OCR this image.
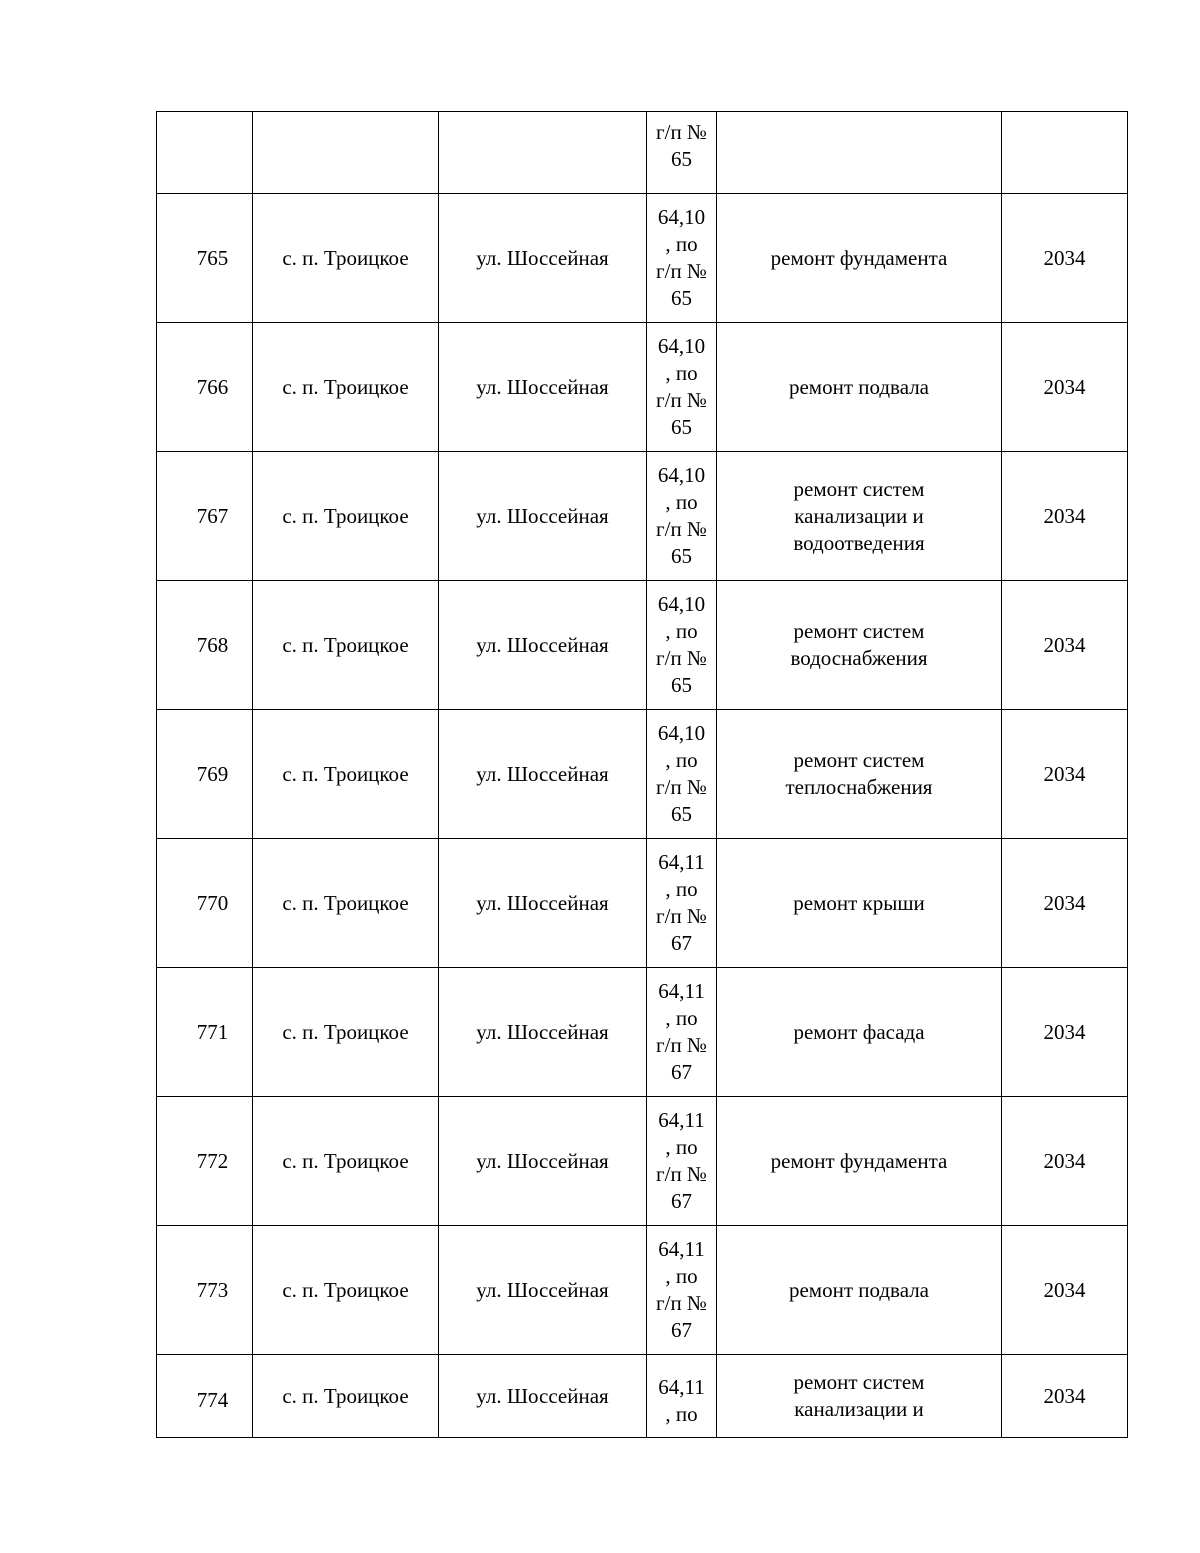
			г/п №
65		

765	с. п. Троицкое	ул. Шоссейная	64,10
, по
г/п №
65	ремонт фундамента	2034
766	с. п. Троицкое	ул. Шоссейная	64,10
, по
г/п №
65	ремонт подвала	2034
767	с. п. Троицкое	ул. Шоссейная	64,10
, по
г/п №
65	ремонт систем
канализации и
водоотведения	2034
768	с. п. Троицкое	ул. Шоссейная	64,10
, по
г/п №
65	ремонт систем
водоснабжения	2034
769	с. п. Троицкое	ул. Шоссейная	64,10
, по
г/п №
65	ремонт систем
теплоснабжения	2034
770	с. п. Троицкое	ул. Шоссейная	64,11
, по
г/п №
67	ремонт крыши	2034
771	с. п. Троицкое	ул. Шоссейная	64,11
, по
г/п №
67	ремонт фасада	2034
772	с. п. Троицкое	ул. Шоссейная	64,11
, по
г/п №
67	ремонт фундамента	2034
773	с. п. Троицкое	ул. Шоссейная	64,11
, по
г/п №
67	ремонт подвала	2034
774	с. п. Троицкое	ул. Шоссейная	64,11
, по	ремонт систем
канализации и	2034
